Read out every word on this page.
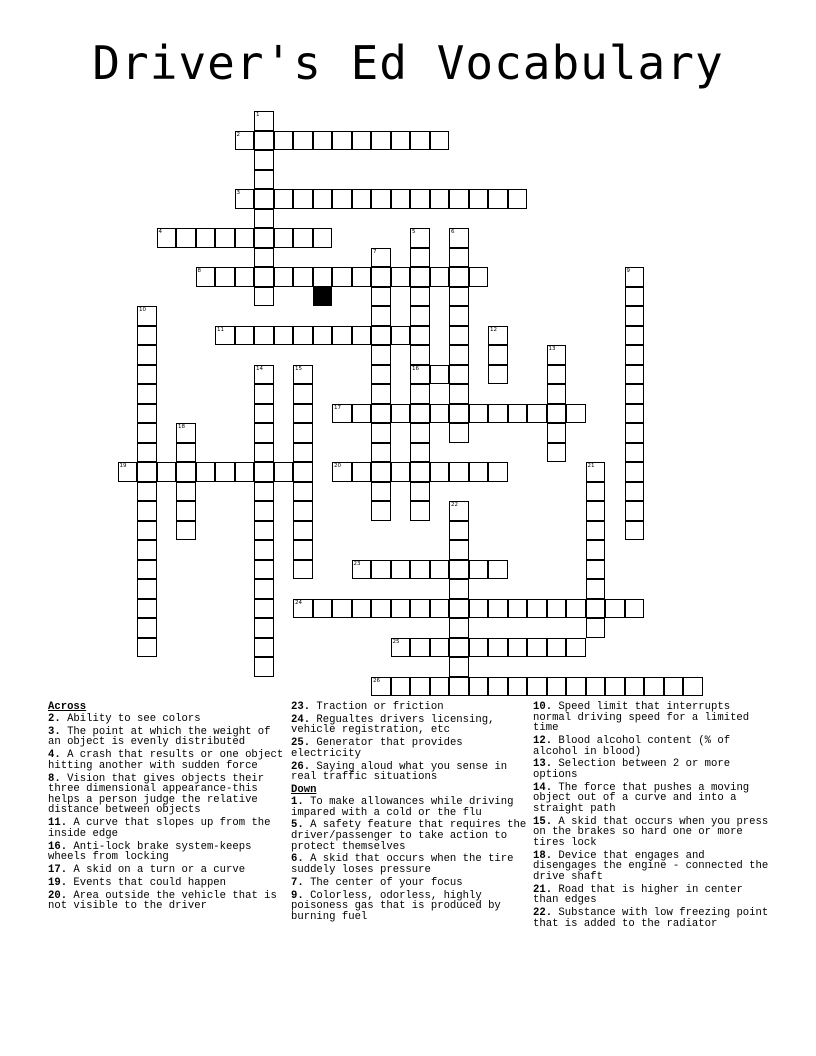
Driver's Ed Vocabulary
1
2
3
4	5
16
6
7
8	9
10
11	12
13
14	15
17
18
19	20	21
22
23
24
25
26
Across
2. Ability to see colors
3. The point at which the weight of an object is evenly distributed
4. A crash that results or one object hitting another with sudden force
8. Vision that gives objects their three dimensional appearance-this helps a person judge the relative distance between objects
11. A curve that slopes up from the inside edge
16. Anti-lock brake system-keeps wheels from locking
17. A skid on a turn or a curve
19. Events that could happen
20. Area outside the vehicle that is not visible to the driver
23. Traction or friction
24. Regualtes drivers licensing, vehicle registration, etc
25. Generator that provides electricity
26. Saying aloud what you sense in real traffic situations
Down
1. To make allowances while driving impared with a cold or the flu
5. A safety feature that requires the driver/passenger to take action to protect themselves
6. A skid that occurs when the tire suddely loses pressure
7. The center of your focus
9. Colorless, odorless, highly poisoness gas that is produced by burning fuel
10. Speed limit that interrupts normal driving speed for a limited time
12. Blood alcohol content (% of alcohol in blood)
13. Selection between 2 or more options
14. The force that pushes a moving object out of a curve and into a straight path
15. A skid that occurs when you press on the brakes so hard one or more tires lock
18. Device that engages and disengages the engine - connected the drive shaft
21. Road that is higher in center than edges
22. Substance with low freezing point that is added to the radiator
